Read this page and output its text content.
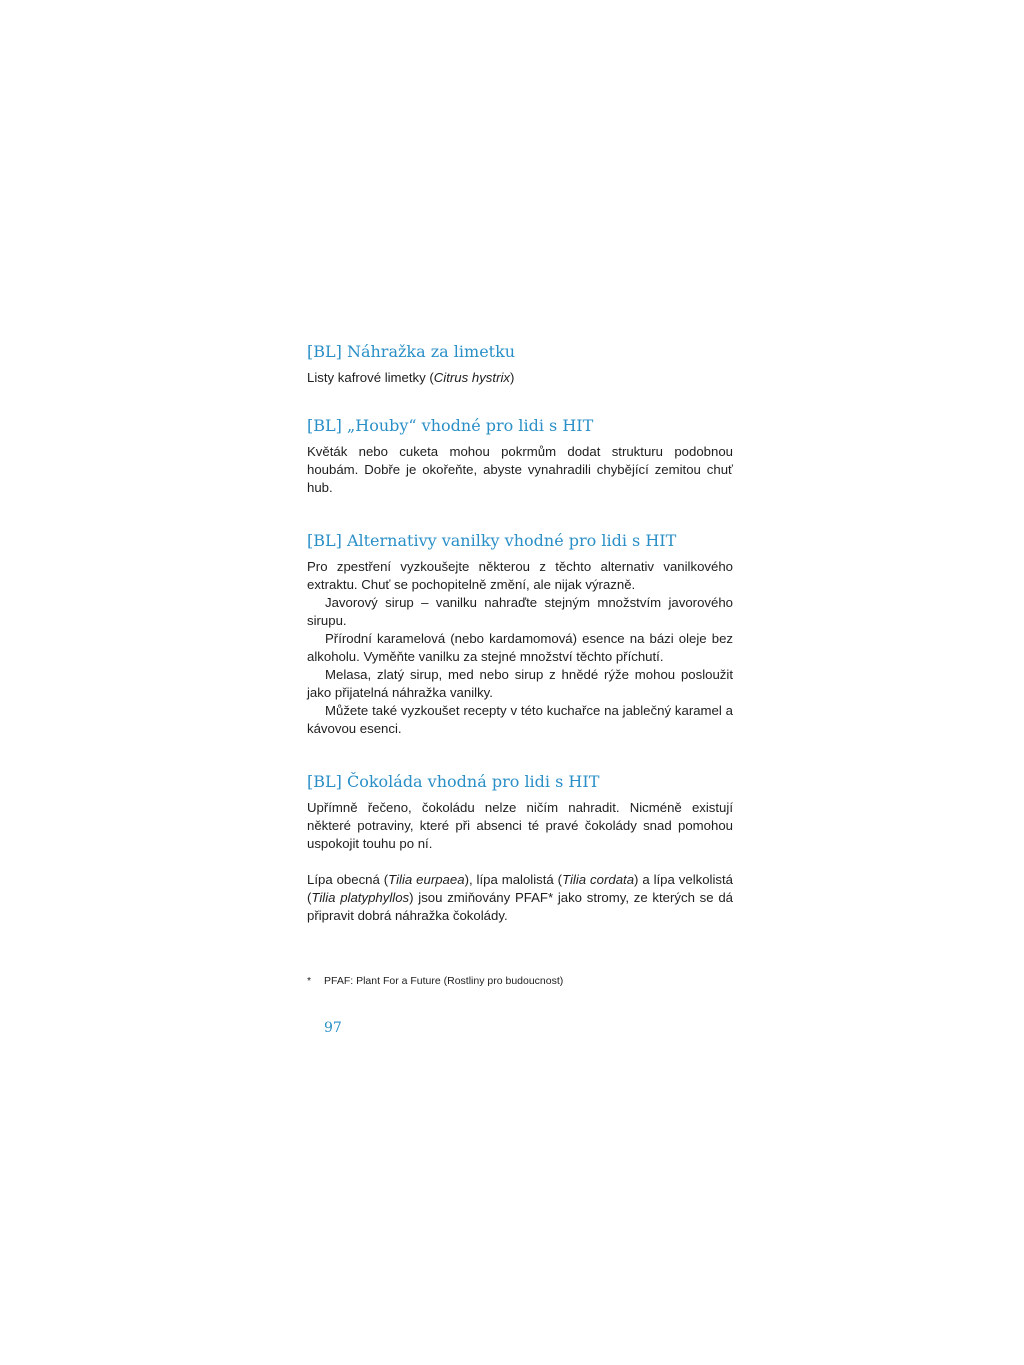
[BL] Náhražka za limetku

Listy kafrové limetky (Citrus hystrix)

[BL] „Houby“ vhodné pro lidi s HIT

Květák nebo cuketa mohou pokrmům dodat strukturu podobnou houbám. Dobře je okořeňte, abyste vynahradili chybějící zemitou chuť hub.

[BL] Alternativy vanilky vhodné pro lidi s HIT

Pro zpestření vyzkoušejte některou z těchto alternativ vanilkového extraktu. Chuť se pochopitelně změní, ale nijak výrazně.

Javorový sirup – vanilku nahraďte stejným množstvím javorového sirupu.

Přírodní karamelová (nebo kardamomová) esence na bázi oleje bez alkoholu. Vyměňte vanilku za stejné množství těchto příchutí.

Melasa, zlatý sirup, med nebo sirup z hnědé rýže mohou posloužit jako přijatelná náhražka vanilky.

Můžete také vyzkoušet recepty v této kuchařce na jablečný karamel a kávovou esenci.

[BL] Čokoláda vhodná pro lidi s HIT

Upřímně řečeno, čokoládu nelze ničím nahradit. Nicméně existují některé potraviny, které při absenci té pravé čokolády snad pomohou uspokojit touhu po ní.

Lípa obecná (Tilia eurpaea), lípa malolistá (Tilia cordata) a lípa velkolistá (Tilia platyphyllos) jsou zmiňovány PFAF* jako stromy, ze kterých se dá připravit dobrá náhražka čokolády.

* PFAF: Plant For a Future (Rostliny pro budoucnost)
97
